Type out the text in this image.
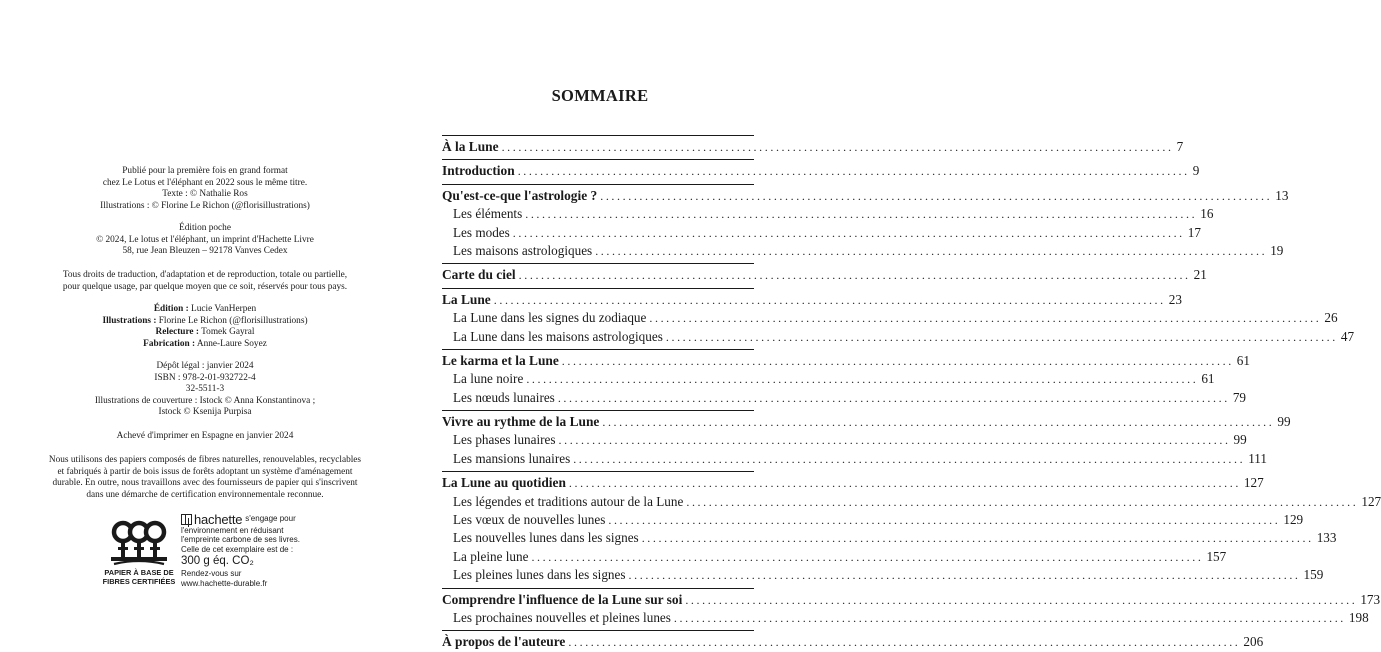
Publié pour la première fois en grand format

chez Le Lotus et l'éléphant en 2022 sous le même titre.

Texte : © Nathalie Ros

Illustrations : © Florine Le Richon (@florisillustrations)

Édition poche

© 2024, Le lotus et l'éléphant, un imprint d'Hachette Livre

58, rue Jean Bleuzen – 92178 Vanves Cedex

Tous droits de traduction, d'adaptation et de reproduction, totale ou partielle,

pour quelque usage, par quelque moyen que ce soit, réservés pour tous pays.

Édition : Lucie VanHerpen

Illustrations : Florine Le Richon (@florisillustrations)

Relecture : Tomek Gayral

Fabrication : Anne-Laure Soyez

Dépôt légal : janvier 2024

ISBN : 978-2-01-932722-4

32-5511-3

Illustrations de couverture : Istock © Anna Konstantinova ;

Istock © Ksenija Purpisa

Achevé d'imprimer en Espagne en janvier 2024

Nous utilisons des papiers composés de fibres naturelles, renouvelables, recyclables

et fabriqués à partir de bois issus de forêts adoptant un système d'aménagement

durable. En outre, nous travaillons avec des fournisseurs de papier qui s'inscrivent

dans une démarche de certification environnementale reconnue.

PAPIER À BASE DE
FIBRES CERTIFIÉES
hachette s'engage pour
l'environnement en réduisant
l'empreinte carbone de ses livres.
Celle de cet exemplaire est de :
300 g éq. CO₂
Rendez-vous sur
www.hachette-durable.fr
SOMMAIRE
À la Lune ........................................................................................................................ 7
Introduction ........................................................................................................................ 9
Qu'est-ce-que l'astrologie ? ........................................................................................................................ 13
Les éléments ........................................................................................................................ 16
Les modes ........................................................................................................................ 17
Les maisons astrologiques ........................................................................................................................ 19
Carte du ciel ........................................................................................................................ 21
La Lune ........................................................................................................................ 23
La Lune dans les signes du zodiaque ........................................................................................................................ 26
La Lune dans les maisons astrologiques ........................................................................................................................ 47
Le karma et la Lune ........................................................................................................................ 61
La lune noire ........................................................................................................................ 61
Les nœuds lunaires ........................................................................................................................ 79
Vivre au rythme de la Lune ........................................................................................................................ 99
Les phases lunaires ........................................................................................................................ 99
Les mansions lunaires ........................................................................................................................ 111
La Lune au quotidien ........................................................................................................................ 127
Les légendes et traditions autour de la Lune ........................................................................................................................ 127
Les vœux de nouvelles lunes ........................................................................................................................ 129
Les nouvelles lunes dans les signes ........................................................................................................................ 133
La pleine lune ........................................................................................................................ 157
Les pleines lunes dans les signes ........................................................................................................................ 159
Comprendre l'influence de la Lune sur soi ........................................................................................................................ 173
Les prochaines nouvelles et pleines lunes ........................................................................................................................ 198
À propos de l'auteure ........................................................................................................................ 206
